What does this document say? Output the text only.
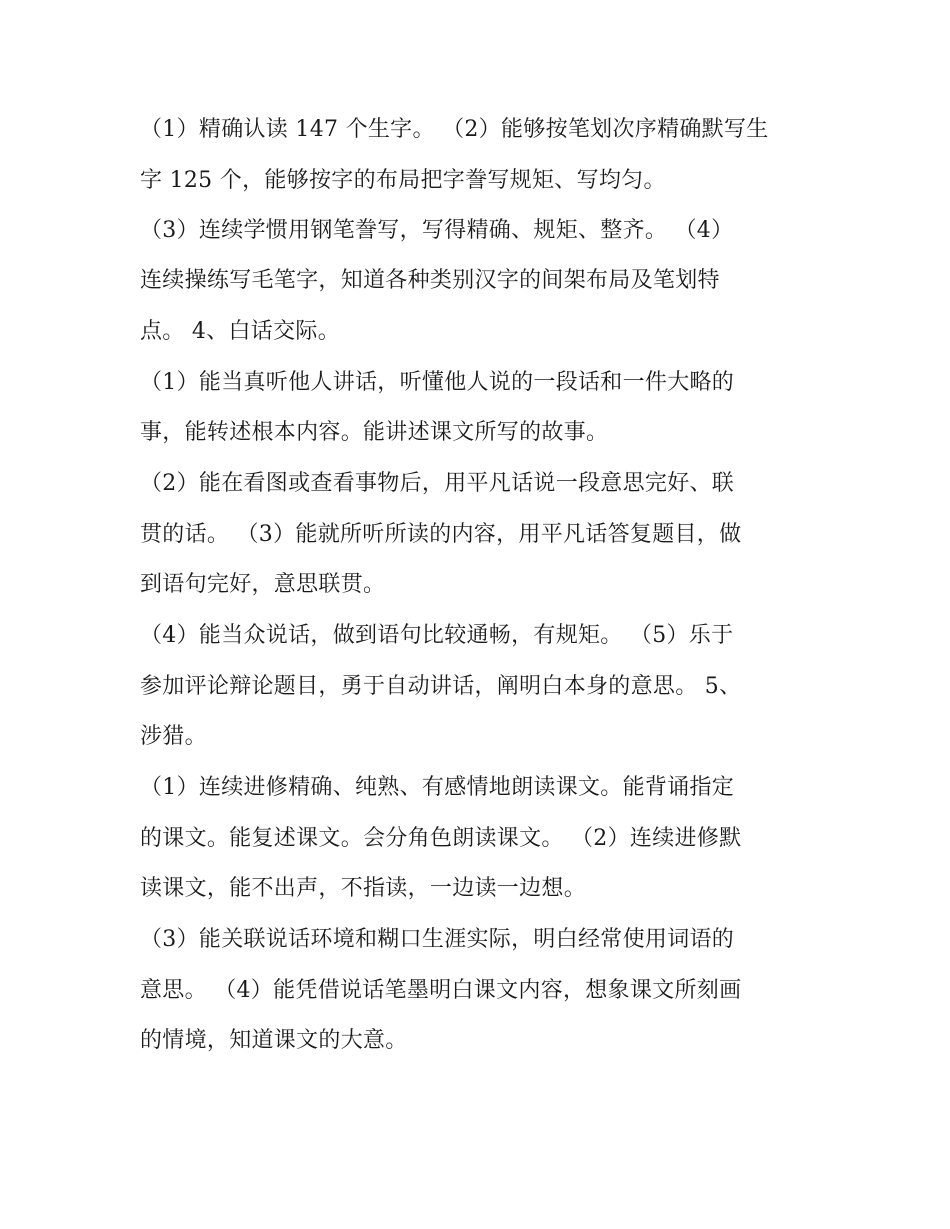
（1）精确认读 147 个生字。 （2）能够按笔划次序精确默写生
字 125 个，能够按字的布局把字誊写规矩、写均匀。
（3）连续学惯用钢笔誊写，写得精确、规矩、整齐。 （4）
连续操练写毛笔字，知道各种类别汉字的间架布局及笔划特
点。 4、白话交际。
（1）能当真听他人讲话，听懂他人说的一段话和一件大略的
事，能转述根本内容。能讲述课文所写的故事。
（2）能在看图或查看事物后，用平凡话说一段意思完好、联
贯的话。 （3）能就所听所读的内容，用平凡话答复题目，做
到语句完好，意思联贯。
（4）能当众说话，做到语句比较通畅，有规矩。 （5）乐于
参加评论辩论题目，勇于自动讲话，阐明白本身的意思。 5、
涉猎。
（1）连续进修精确、纯熟、有感情地朗读课文。能背诵指定
的课文。能复述课文。会分角色朗读课文。 （2）连续进修默
读课文，能不出声，不指读，一边读一边想。
（3）能关联说话环境和糊口生涯实际，明白经常使用词语的
意思。 （4）能凭借说话笔墨明白课文内容，想象课文所刻画
的情境，知道课文的大意。
